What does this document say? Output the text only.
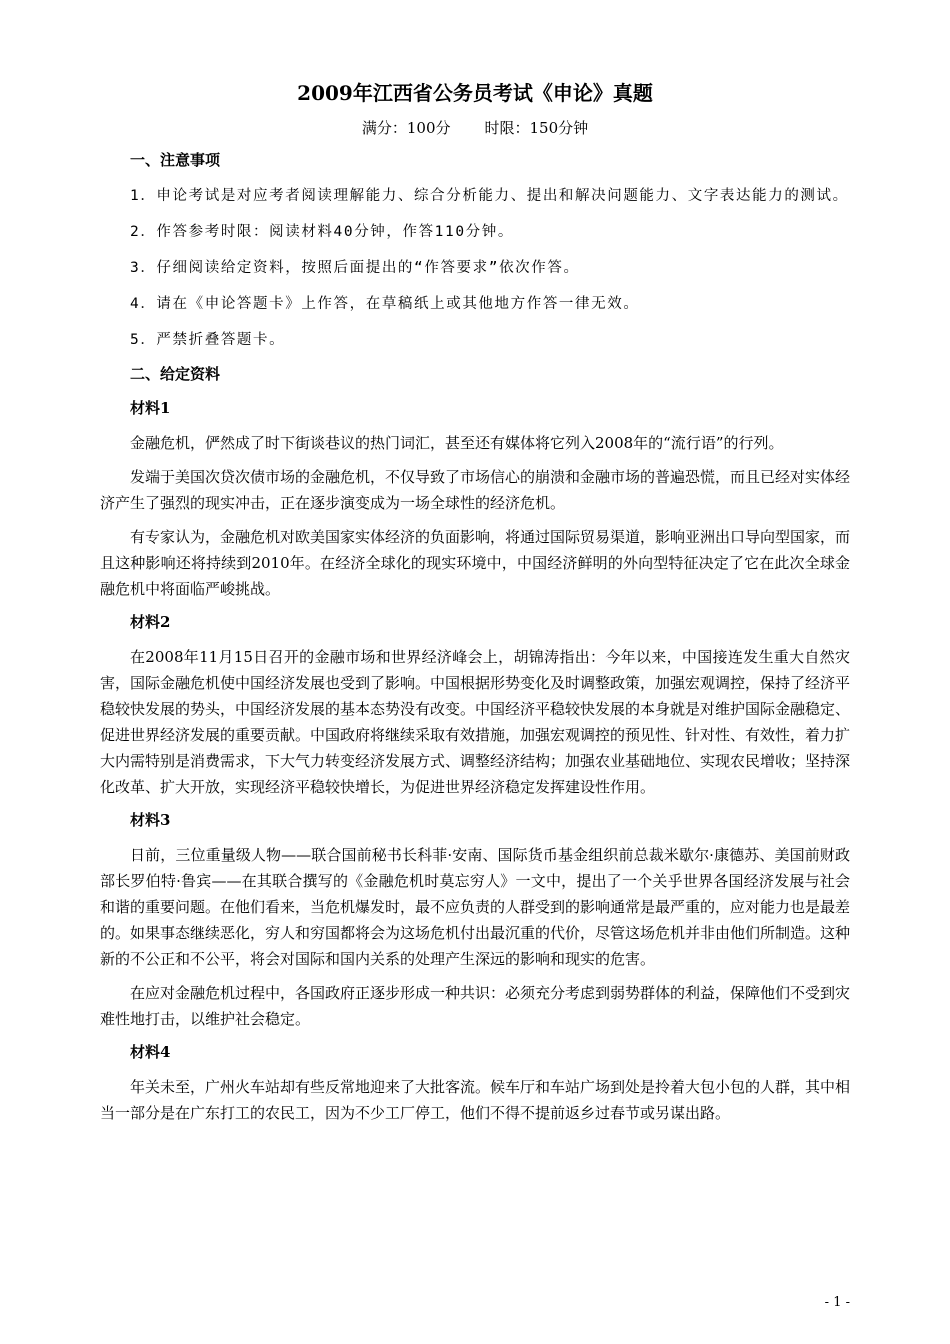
2009年江西省公务员考试《申论》真题
满分：100分 时限：150分钟
一、注意事项

1．申论考试是对应考者阅读理解能力、综合分析能力、提出和解决问题能力、文字表达能力的测试。

2．作答参考时限：阅读材料40分钟，作答110分钟。

3．仔细阅读给定资料，按照后面提出的“作答要求”依次作答。

4．请在《申论答题卡》上作答，在草稿纸上或其他地方作答一律无效。

5．严禁折叠答题卡。

二、给定资料
材料1

金融危机，俨然成了时下街谈巷议的热门词汇，甚至还有媒体将它列入2008年的“流行语”的行列。

发端于美国次贷次债市场的金融危机，不仅导致了市场信心的崩溃和金融市场的普遍恐慌，而且已经对实体经济产生了强烈的现实冲击，正在逐步演变成为一场全球性的经济危机。

有专家认为，金融危机对欧美国家实体经济的负面影响，将通过国际贸易渠道，影响亚洲出口导向型国家，而且这种影响还将持续到2010年。在经济全球化的现实环境中，中国经济鲜明的外向型特征决定了它在此次全球金融危机中将面临严峻挑战。

材料2

在2008年11月15日召开的金融市场和世界经济峰会上，胡锦涛指出：今年以来，中国接连发生重大自然灾害，国际金融危机使中国经济发展也受到了影响。中国根据形势变化及时调整政策，加强宏观调控，保持了经济平稳较快发展的势头，中国经济发展的基本态势没有改变。中国经济平稳较快发展的本身就是对维护国际金融稳定、促进世界经济发展的重要贡献。中国政府将继续采取有效措施，加强宏观调控的预见性、针对性、有效性，着力扩大内需特别是消费需求，下大气力转变经济发展方式、调整经济结构；加强农业基础地位、实现农民增收；坚持深化改革、扩大开放，实现经济平稳较快增长，为促进世界经济稳定发挥建设性作用。

材料3

日前，三位重量级人物——联合国前秘书长科菲·安南、国际货币基金组织前总裁米歇尔·康德苏、美国前财政部长罗伯特·鲁宾——在其联合撰写的《金融危机时莫忘穷人》一文中，提出了一个关乎世界各国经济发展与社会和谐的重要问题。在他们看来，当危机爆发时，最不应负责的人群受到的影响通常是最严重的，应对能力也是最差的。如果事态继续恶化，穷人和穷国都将会为这场危机付出最沉重的代价，尽管这场危机并非由他们所制造。这种新的不公正和不公平，将会对国际和国内关系的处理产生深远的影响和现实的危害。

在应对金融危机过程中，各国政府正逐步形成一种共识：必须充分考虑到弱势群体的利益，保障他们不受到灾难性地打击，以维护社会稳定。

材料4

年关未至，广州火车站却有些反常地迎来了大批客流。候车厅和车站广场到处是拎着大包小包的人群，其中相当一部分是在广东打工的农民工，因为不少工厂停工，他们不得不提前返乡过春节或另谋出路。

- 1 -
